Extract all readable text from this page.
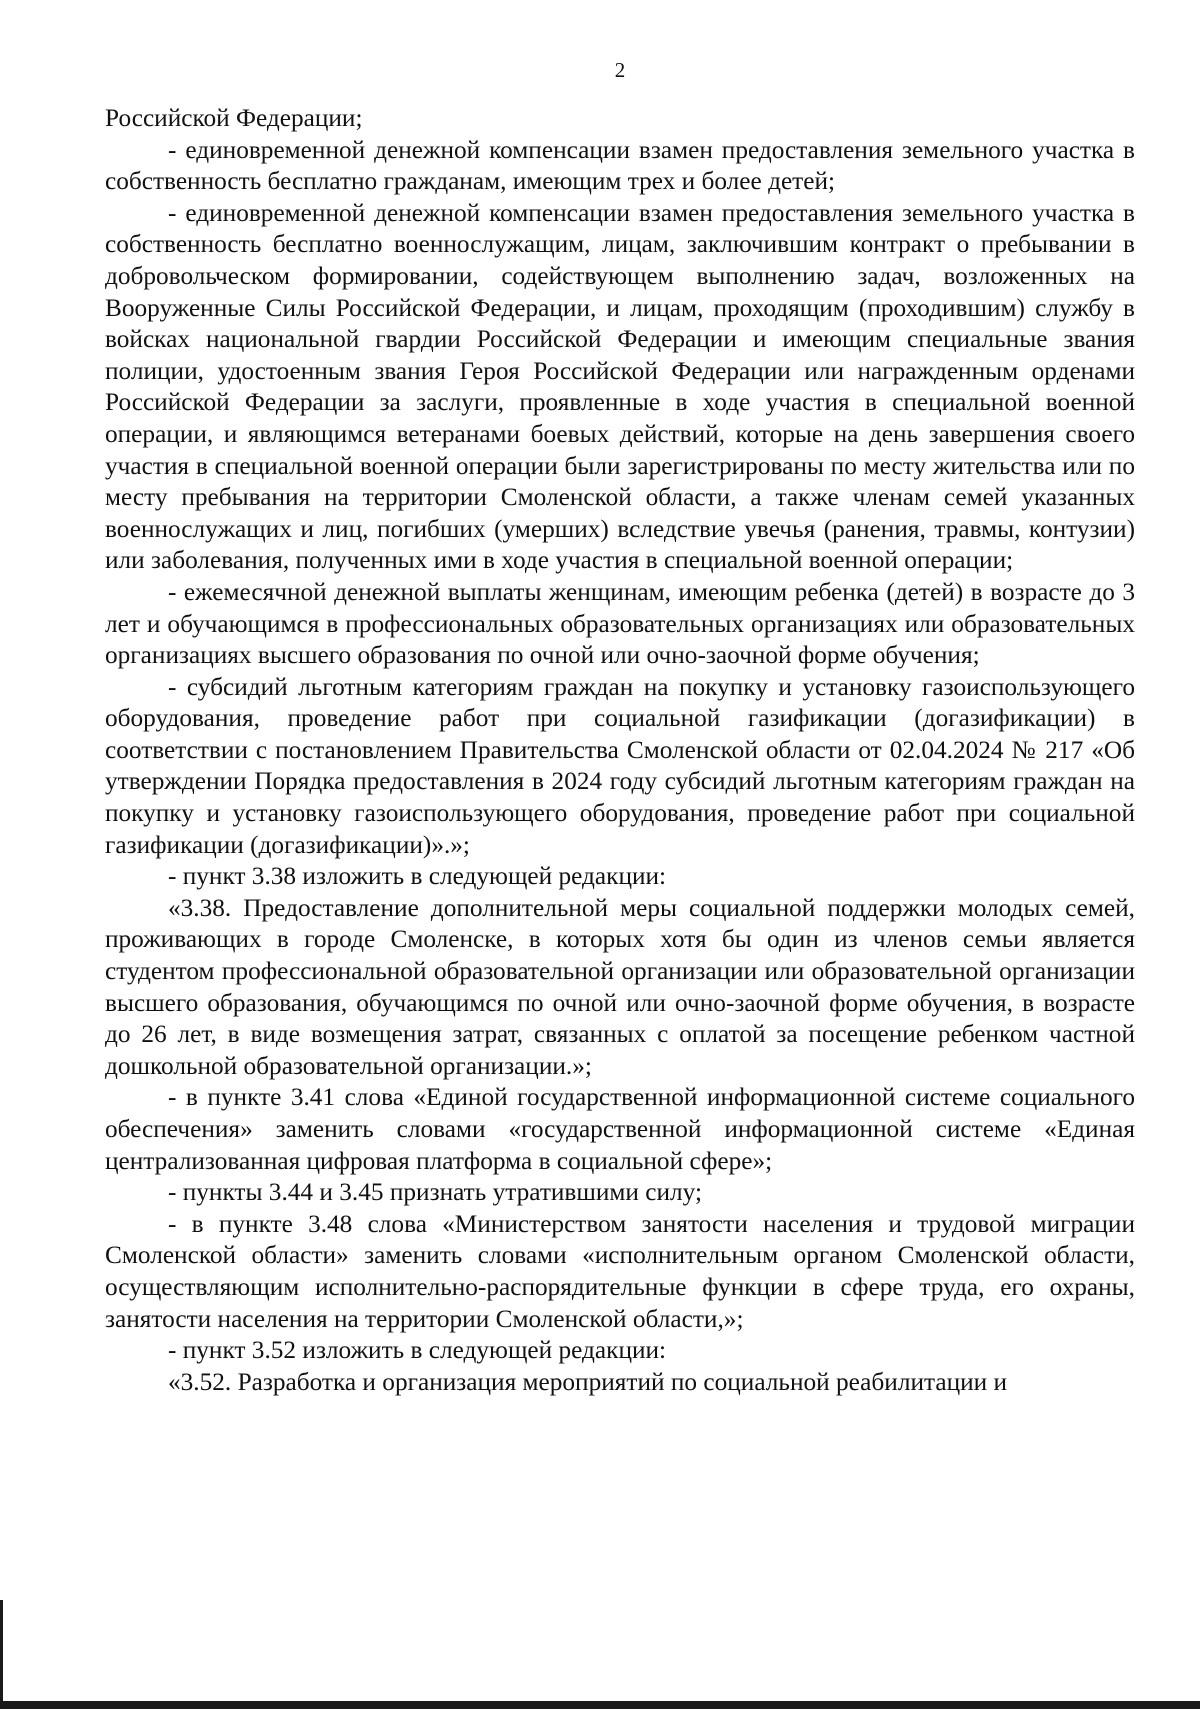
2

Российской Федерации;

- единовременной денежной компенсации взамен предоставления земельного участка в собственность бесплатно гражданам, имеющим трех и более детей;

- единовременной денежной компенсации взамен предоставления земельного участка в собственность бесплатно военнослужащим, лицам, заключившим контракт о пребывании в добровольческом формировании, содействующем выполнению задач, возложенных на Вооруженные Силы Российской Федерации, и лицам, проходящим (проходившим) службу в войсках национальной гвардии Российской Федерации и имеющим специальные звания полиции, удостоенным звания Героя Российской Федерации или награжденным орденами Российской Федерации за заслуги, проявленные в ходе участия в специальной военной операции, и являющимся ветеранами боевых действий, которые на день завершения своего участия в специальной военной операции были зарегистрированы по месту жительства или по месту пребывания на территории Смоленской области, а также членам семей указанных военнослужащих и лиц, погибших (умерших) вследствие увечья (ранения, травмы, контузии) или заболевания, полученных ими в ходе участия в специальной военной операции;

- ежемесячной денежной выплаты женщинам, имеющим ребенка (детей) в возрасте до 3 лет и обучающимся в профессиональных образовательных организациях или образовательных организациях высшего образования по очной или очно-заочной форме обучения;

- субсидий льготным категориям граждан на покупку и установку газоиспользующего оборудования, проведение работ при социальной газификации (догазификации) в соответствии с постановлением Правительства Смоленской области от 02.04.2024 № 217 «Об утверждении Порядка предоставления в 2024 году субсидий льготным категориям граждан на покупку и установку газоиспользующего оборудования, проведение работ при социальной газификации (догазификации)».»;

- пункт 3.38 изложить в следующей редакции:

«3.38. Предоставление дополнительной меры социальной поддержки молодых семей, проживающих в городе Смоленске, в которых хотя бы один из членов семьи является студентом профессиональной образовательной организации или образовательной организации высшего образования, обучающимся по очной или очно-заочной форме обучения, в возрасте до 26 лет, в виде возмещения затрат, связанных с оплатой за посещение ребенком частной дошкольной образовательной организации.»;

- в пункте 3.41 слова «Единой государственной информационной системе социального обеспечения» заменить словами «государственной информационной системе «Единая централизованная цифровая платформа в социальной сфере»;

- пункты 3.44 и 3.45 признать утратившими силу;

- в пункте 3.48 слова «Министерством занятости населения и трудовой миграции Смоленской области» заменить словами «исполнительным органом Смоленской области, осуществляющим исполнительно-распорядительные функции в сфере труда, его охраны, занятости населения на территории Смоленской области,»;

- пункт 3.52 изложить в следующей редакции:

«3.52. Разработка и организация мероприятий по социальной реабилитации и
